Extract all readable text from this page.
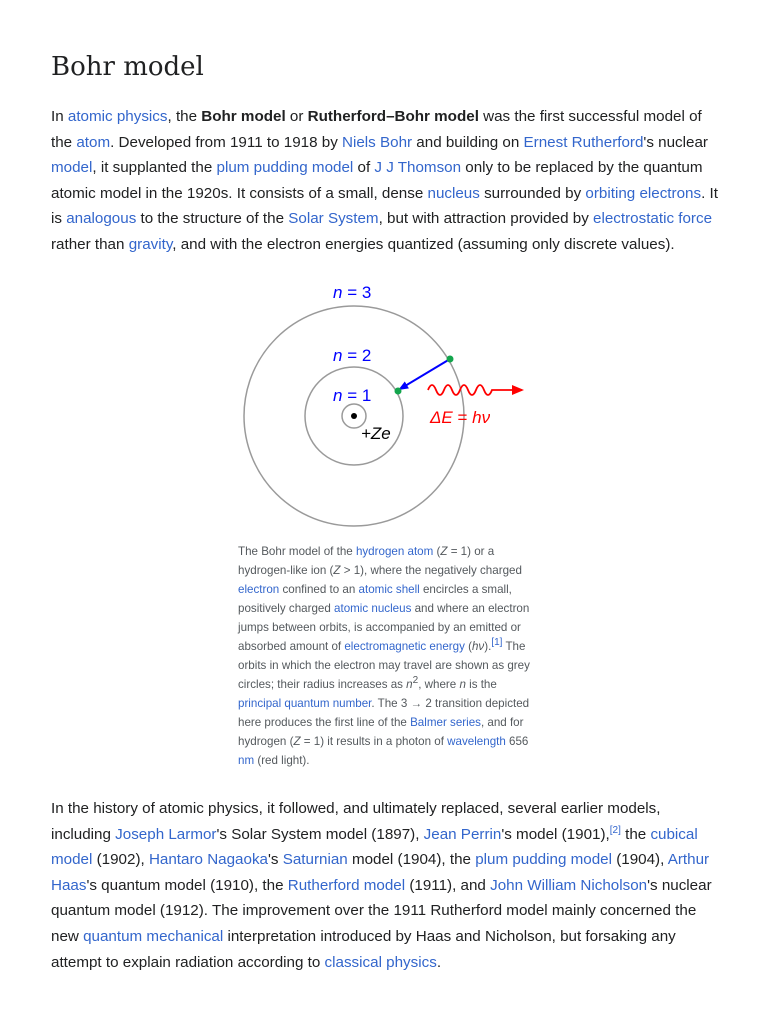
Bohr model

In atomic physics, the Bohr model or Rutherford–Bohr model was the first successful model of the atom. Developed from 1911 to 1918 by Niels Bohr and building on Ernest Rutherford's nuclear model, it supplanted the plum pudding model of J J Thomson only to be replaced by the quantum atomic model in the 1920s. It consists of a small, dense nucleus surrounded by orbiting electrons. It is analogous to the structure of the Solar System, but with attraction provided by electrostatic force rather than gravity, and with the electron energies quantized (assuming only discrete values).

n = 3
n = 2
n = 1
+Ze
ΔE = hν

The Bohr model of the hydrogen atom (Z = 1) or a hydrogen-like ion (Z > 1), where the negatively charged electron confined to an atomic shell encircles a small, positively charged atomic nucleus and where an electron jumps between orbits, is accompanied by an emitted or absorbed amount of electromagnetic energy (hν).[1] The orbits in which the electron may travel are shown as grey circles; their radius increases as $n^2$, where n is the principal quantum number. The 3 → 2 transition depicted here produces the first line of the Balmer series, and for hydrogen (Z = 1) it results in a photon of wavelength 656 nm (red light).

In the history of atomic physics, it followed, and ultimately replaced, several earlier models, including Joseph Larmor's Solar System model (1897), Jean Perrin's model (1901),[2] the cubical model (1902), Hantaro Nagaoka's Saturnian model (1904), the plum pudding model (1904), Arthur Haas's quantum model (1910), the Rutherford model (1911), and John William Nicholson's nuclear quantum model (1912). The improvement over the 1911 Rutherford model mainly concerned the new quantum mechanical interpretation introduced by Haas and Nicholson, but forsaking any attempt to explain radiation according to classical physics.
